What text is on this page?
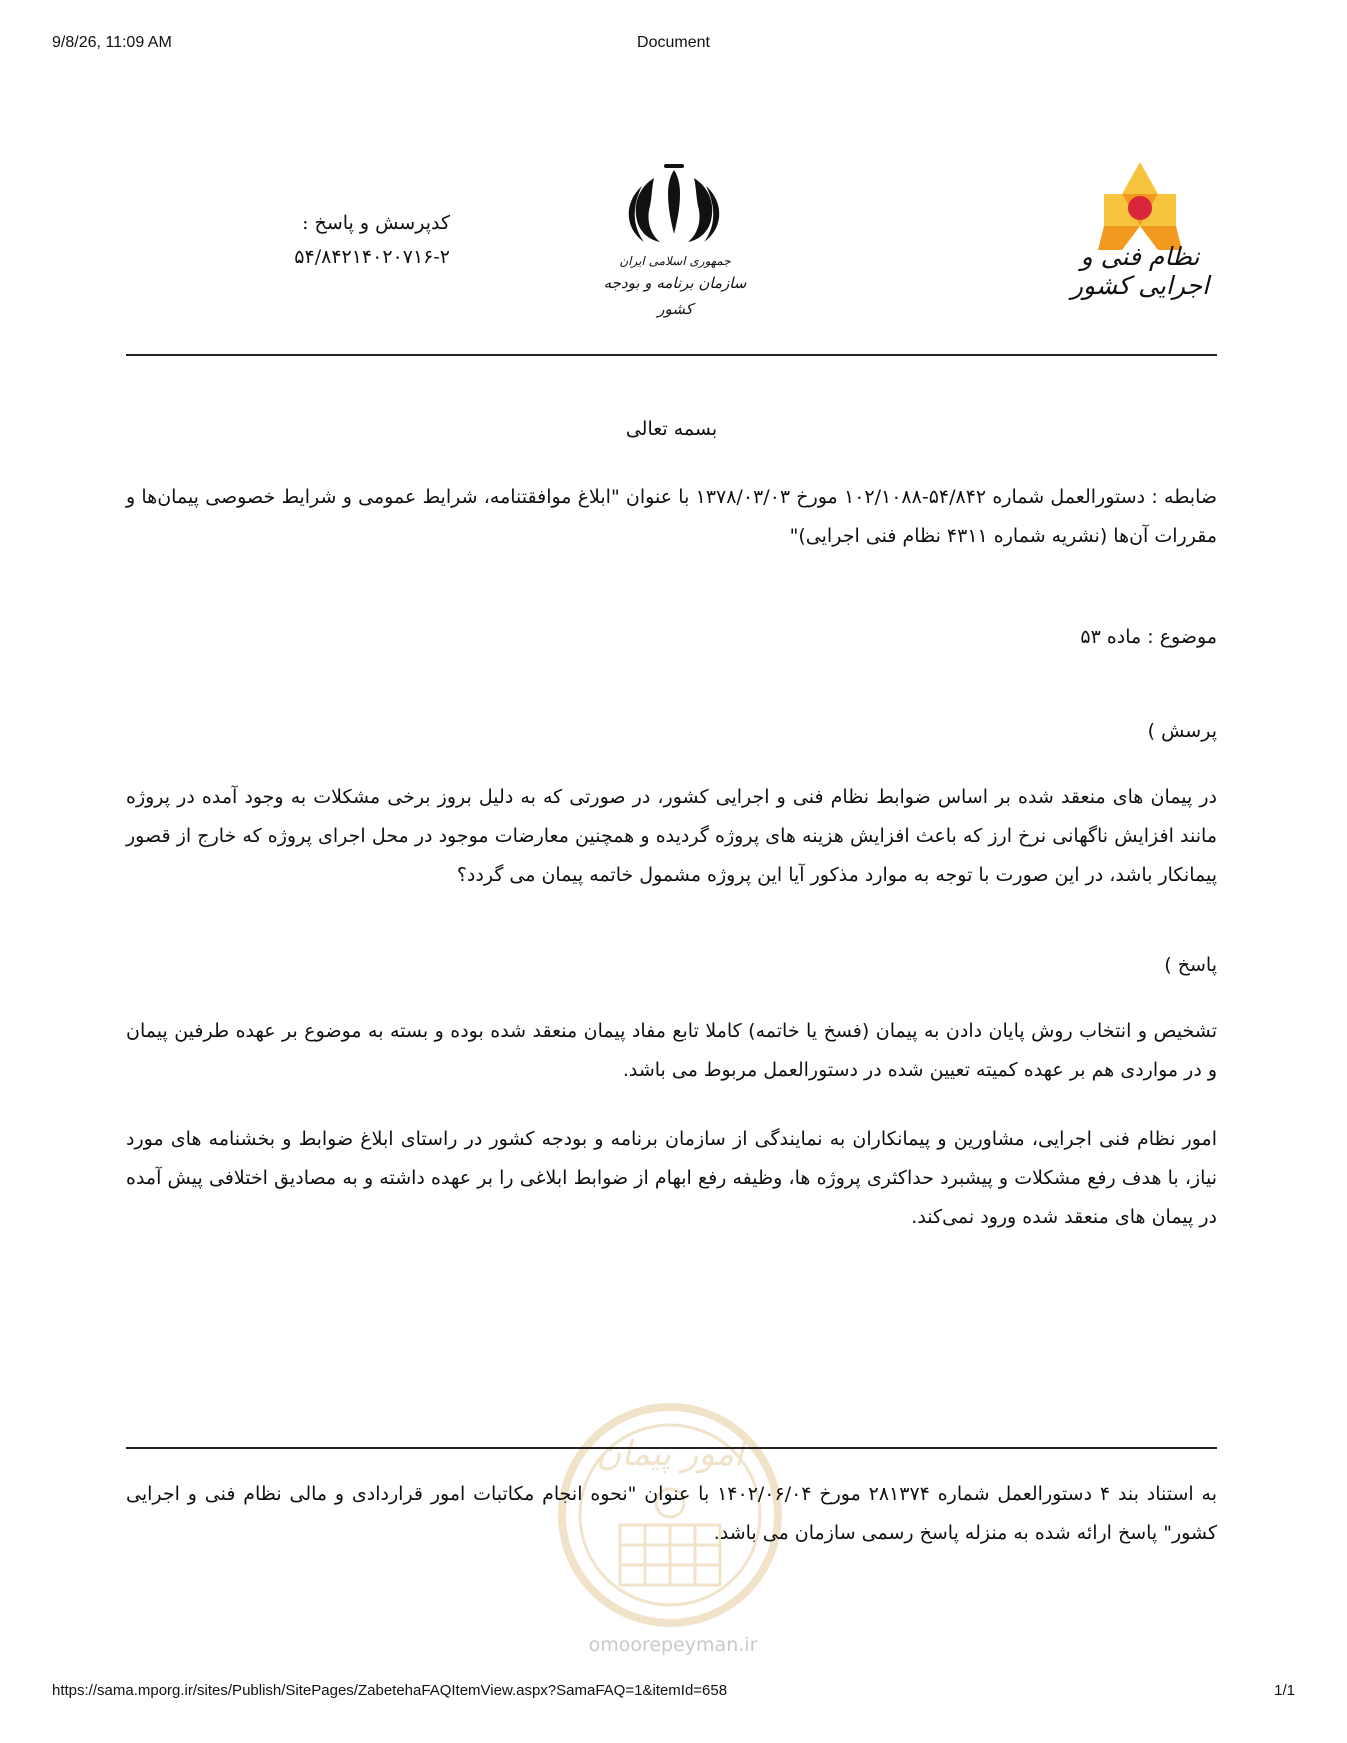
9/8/26, 11:09 AM	Document
کدپرسش و پاسخ :
۵۴/۸۴۲۱۴۰۲۰۷۱۶-۲	جمهوری اسلامی ایران
سازمان برنامه و بودجه کشور
نظام فنی و اجرایی کشور
بسمه تعالی
ضابطه : دستورالعمل شماره ۵۴/۸۴۲-۱۰۲/۱۰۸۸ مورخ ۱۳۷۸/۰۳/۰۳ با عنوان "ابلاغ موافقتنامه، شرایط عمومی و شرایط خصوصی پیمان‌ها و مقررات آن‌ها (نشریه شماره ۴۳۱۱ نظام فنی اجرایی)"
موضوع : ماده ۵۳
پرسش )
در پیمان های منعقد شده بر اساس ضوابط نظام فنی و اجرایی کشور، در صورتی که به دلیل بروز برخی مشکلات به وجود آمده در پروژه مانند افزایش ناگهانی نرخ ارز که باعث افزایش هزینه های پروژه گردیده و همچنین معارضات موجود در محل اجرای پروژه که خارج از قصور پیمانکار باشد، در این صورت با توجه به موارد مذکور آیا این پروژه مشمول خاتمه پیمان می گردد؟
پاسخ )
تشخیص و انتخاب روش پایان دادن به پیمان (فسخ یا خاتمه) کاملا تابع مفاد پیمان منعقد شده بوده و بسته به موضوع بر عهده طرفین پیمان و در مواردی هم بر عهده کمیته تعیین شده در دستورالعمل مربوط می باشد.
امور نظام فنی اجرایی، مشاورین و پیمانکاران به نمایندگی از سازمان برنامه و بودجه کشور در راستای ابلاغ ضوابط و بخشنامه های مورد نیاز، با هدف رفع مشکلات و پیشبرد حداکثری پروژه ها، وظیفه رفع ابهام از ضوابط ابلاغی را بر عهده داشته و به مصادیق اختلافی پیش آمده در پیمان های منعقد شده ورود نمی‌کند.
امور پیمان
به استناد بند ۴ دستورالعمل شماره ۲۸۱۳۷۴ مورخ ۱۴۰۲/۰۶/۰۴ با عنوان "نحوه انجام مکاتبات امور قراردادی و مالی نظام فنی و اجرایی کشور" پاسخ ارائه شده به منزله پاسخ رسمی سازمان می باشد.
omoorepeyman.ir
https://sama.mporg.ir/sites/Publish/SitePages/ZabetehaFAQItemView.aspx?SamaFAQ=1&itemId=658	1/1
